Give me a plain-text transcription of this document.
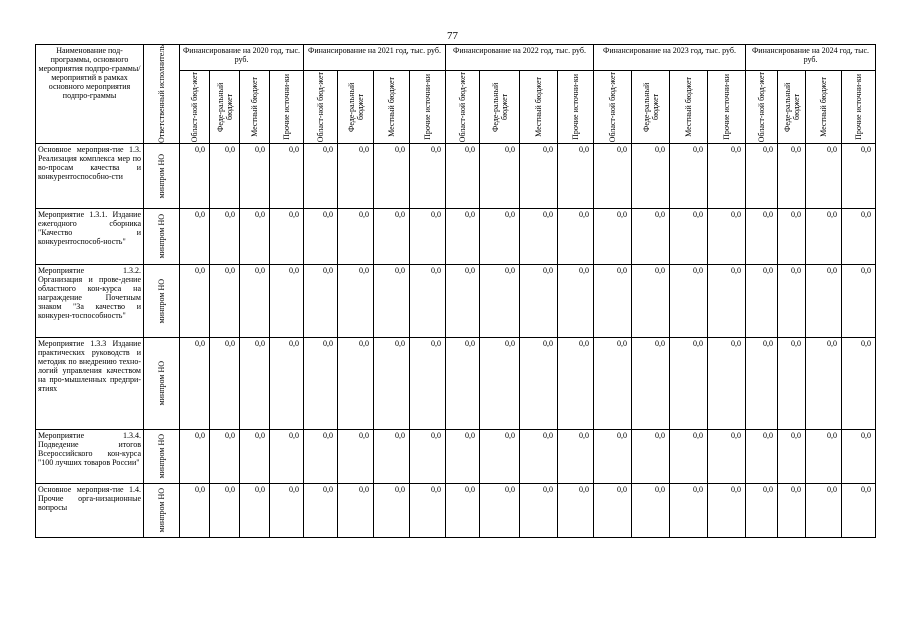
77
Наименование под-программы, основного мероприятия подпро-граммы/мероприятий в рамках основного мероприятия подпро-граммы	Ответственный исполнитель	Финансирование на 2020 год, тыс. руб.				Финансирование на 2021 год, тыс. руб.				Финансирование на 2022 год, тыс. руб.				Финансирование на 2023 год, тыс. руб.				Финансирование на 2024 год, тыс. руб.			

		Област-ной бюд-жет	Феде-ральный бюджет	Местный бюджет	Прочие источни-ки	Област-ной бюд-жет	Феде-ральный бюджет	Местный бюджет	Прочие источни-ки	Област-ной бюд-жет	Феде-ральный бюджет	Местный бюджет	Прочие источни-ки	Област-ной бюд-жет	Феде-ральный бюджет	Местный бюджет	Прочие источни-ки	Област-ной бюд-жет	Феде-ральный бюджет	Местный бюджет	Прочие источни-ки

Основное мероприя-тие 1.3. Реализация комплекса мер по во-просам качества и конкурентоспособно-сти	минпром НО	0,0	0,0	0,0	0,0	0,0	0,0	0,0	0,0	0,0	0,0	0,0	0,0	0,0	0,0	0,0	0,0	0,0	0,0	0,0	0,0
Мероприятие 1.3.1. Издание ежегодного сборника "Качество и конкурентоспособ-ность"	минпром НО	0,0	0,0	0,0	0,0	0,0	0,0	0,0	0,0	0,0	0,0	0,0	0,0	0,0	0,0	0,0	0,0	0,0	0,0	0,0	0,0
Мероприятие 1.3.2. Организация и прове-дение областного кон-курса на награждение Почетным знаком "За качество и конкурен-тоспособность"	минпром НО	0,0	0,0	0,0	0,0	0,0	0,0	0,0	0,0	0,0	0,0	0,0	0,0	0,0	0,0	0,0	0,0	0,0	0,0	0,0	0,0
Мероприятие 1.3.3 Издание практических руководств и методик по внедрению техно-логий управления качеством на про-мышленных предпри-ятиях	минпром НО	0,0	0,0	0,0	0,0	0,0	0,0	0,0	0,0	0,0	0,0	0,0	0,0	0,0	0,0	0,0	0,0	0,0	0,0	0,0	0,0
Мероприятие 1.3.4. Подведение итогов Всероссийского кон-курса "100 лучших товаров России"	минпром НО	0,0	0,0	0,0	0,0	0,0	0,0	0,0	0,0	0,0	0,0	0,0	0,0	0,0	0,0	0,0	0,0	0,0	0,0	0,0	0,0
Основное мероприя-тие 1.4. Прочие орга-низационные вопросы	минпром НО	0,0	0,0	0,0	0,0	0,0	0,0	0,0	0,0	0,0	0,0	0,0	0,0	0,0	0,0	0,0	0,0	0,0	0,0	0,0	0,0
